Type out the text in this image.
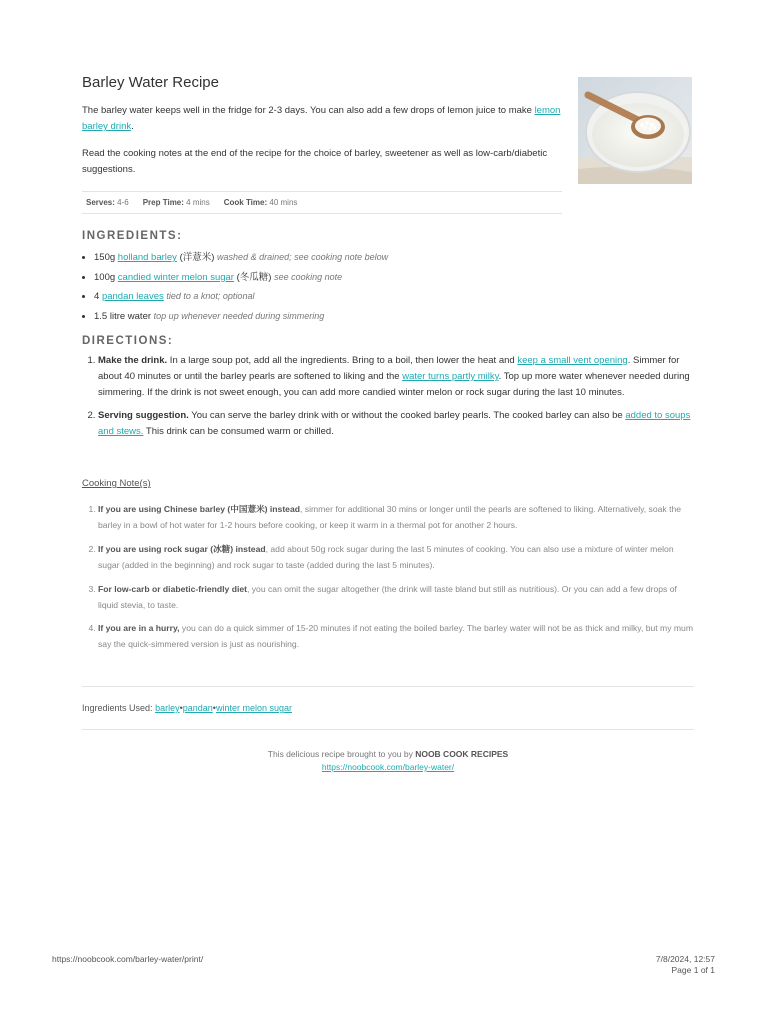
Barley Water Recipe

The barley water keeps well in the fridge for 2-3 days. You can also add a few drops of lemon juice to make lemon barley drink.

Read the cooking notes at the end of the recipe for the choice of barley, sweetener as well as low-carb/diabetic suggestions.

Serves: 4-6 Prep Time: 4 mins Cook Time: 40 mins
INGREDIENTS:
• 150g holland barley (洋薏米) washed & drained; see cooking note below
• 100g candied winter melon sugar (冬瓜糖) see cooking note
• 4 pandan leaves tied to a knot; optional
• 1.5 litre water top up whenever needed during simmering
DIRECTIONS:
1. Make the drink. In a large soup pot, add all the ingredients. Bring to a boil, then lower the heat and keep a small vent opening. Simmer for about 40 minutes or until the barley pearls are softened to liking and the water turns partly milky. Top up more water whenever needed during simmering. If the drink is not sweet enough, you can add more candied winter melon or rock sugar during the last 10 minutes.
2. Serving suggestion. You can serve the barley drink with or without the cooked barley pearls. The cooked barley can also be added to soups and stews. This drink can be consumed warm or chilled.
Cooking Note(s)
1. If you are using Chinese barley (中国薏米) instead, simmer for additional 30 mins or longer until the pearls are softened to liking. Alternatively, soak the barley in a bowl of hot water for 1-2 hours before cooking, or keep it warm in a thermal pot for another 2 hours.
2. If you are using rock sugar (冰糖) instead, add about 50g rock sugar during the last 5 minutes of cooking. You can also use a mixture of winter melon sugar (added in the beginning) and rock sugar to taste (added during the last 5 minutes).
3. For low-carb or diabetic-friendly diet, you can omit the sugar altogether (the drink will taste bland but still as nutritious). Or you can add a few drops of liquid stevia, to taste.
4. If you are in a hurry, you can do a quick simmer of 15-20 minutes if not eating the boiled barley. The barley water will not be as thick and milky, but my mum say the quick-simmered version is just as nourishing.
Ingredients Used:
barley • pandan • winter melon sugar
This delicious recipe brought to you by NOOB COOK RECIPES
https://noobcook.com/barley-water/
https://noobcook.com/barley-water/print/	7/8/2024, 12:57
Page 1 of 1
